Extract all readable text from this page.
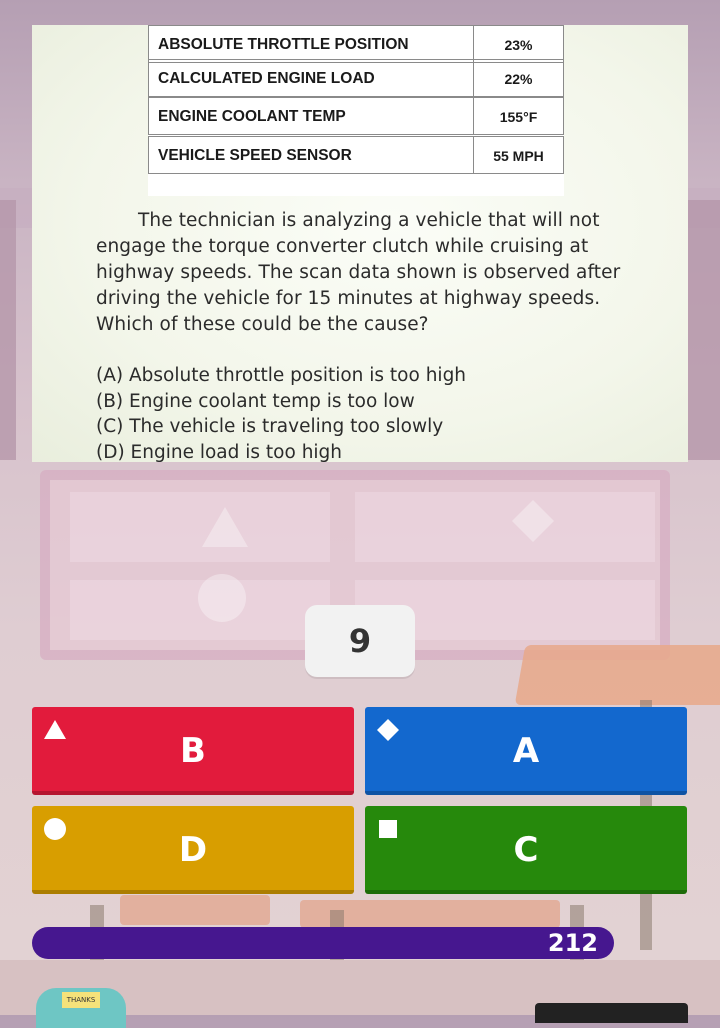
ABSOLUTE THROTTLE POSITION	23%
CALCULATED ENGINE LOAD	22%
ENGINE COOLANT TEMP	155°F
VEHICLE SPEED SENSOR	55 MPH

The technician is analyzing a vehicle that will not engage the torque converter clutch while cruising at highway speeds. The scan data shown is observed after driving the vehicle for 15 minutes at highway speeds. Which of these could be the cause?

(A) Absolute throttle position is too high
(B) Engine coolant temp is too low
(C) The vehicle is traveling too slowly
(D) Engine load is too high
9
B	A
D	C
212
THANKS
